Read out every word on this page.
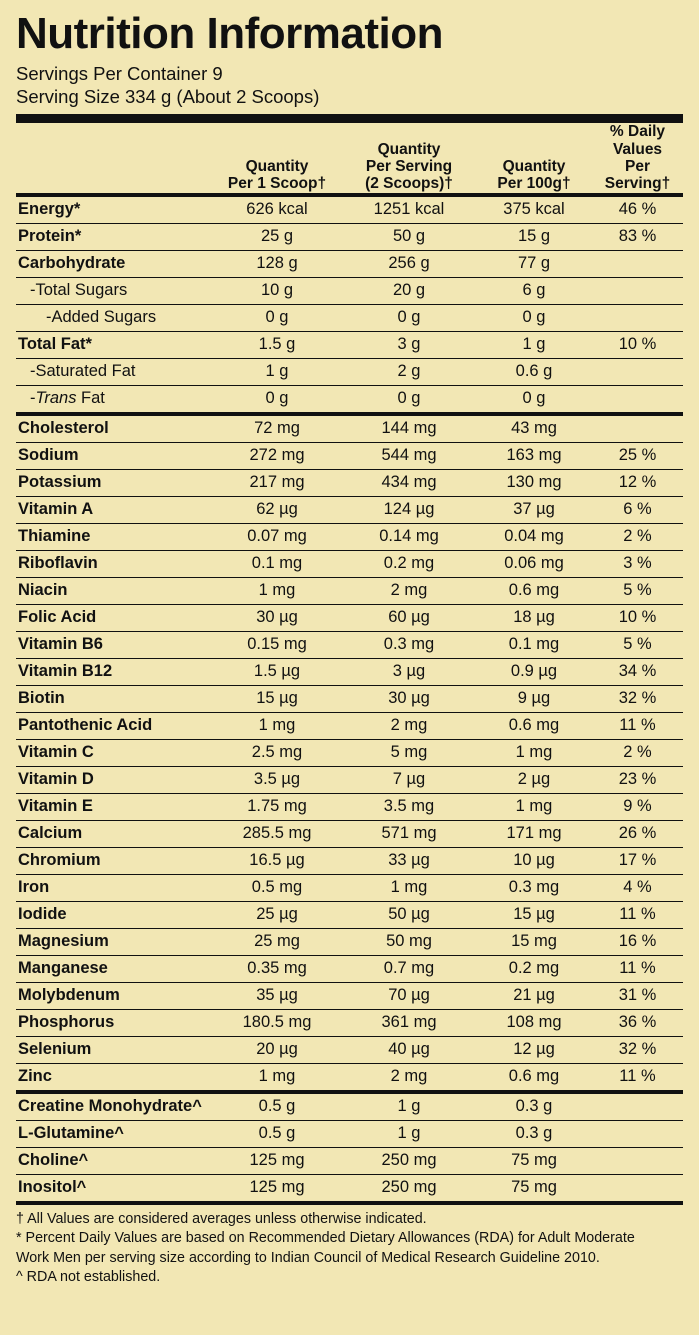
Nutrition Information
Servings Per Container 9
Serving Size 334 g (About 2 Scoops)

Quantity
Per 1 Scoop†

Quantity
Per Serving
(2 Scoops)†

Quantity
Per 100g†

% Daily
Values
Per Serving†

Energy*	626 kcal	1251 kcal	375 kcal	46 %
Protein*	25 g	50 g	15 g	83 %
Carbohydrate	128 g	256 g	77 g	
-Total Sugars	10 g	20 g	6 g	
-Added Sugars	0 g	0 g	0 g	
Total Fat*	1.5 g	3 g	1 g	10 %
-Saturated Fat	1 g	2 g	0.6 g	
-Trans Fat	0 g	0 g	0 g	
Cholesterol	72 mg	144 mg	43 mg	
Sodium	272 mg	544 mg	163 mg	25 %
Potassium	217 mg	434 mg	130 mg	12 %
Vitamin A	62 µg	124 µg	37 µg	6 %
Thiamine	0.07 mg	0.14 mg	0.04 mg	2 %
Riboflavin	0.1 mg	0.2 mg	0.06 mg	3 %
Niacin	1 mg	2 mg	0.6 mg	5 %
Folic Acid	30 µg	60 µg	18 µg	10 %
Vitamin B6	0.15 mg	0.3 mg	0.1 mg	5 %
Vitamin B12	1.5 µg	3 µg	0.9 µg	34 %
Biotin	15 µg	30 µg	9 µg	32 %
Pantothenic Acid	1 mg	2 mg	0.6 mg	11 %
Vitamin C	2.5 mg	5 mg	1 mg	2 %
Vitamin D	3.5 µg	7 µg	2 µg	23 %
Vitamin E	1.75 mg	3.5 mg	1 mg	9 %
Calcium	285.5 mg	571 mg	171 mg	26 %
Chromium	16.5 µg	33 µg	10 µg	17 %
Iron	0.5 mg	1 mg	0.3 mg	4 %
Iodide	25 µg	50 µg	15 µg	11 %
Magnesium	25 mg	50 mg	15 mg	16 %
Manganese	0.35 mg	0.7 mg	0.2 mg	11 %
Molybdenum	35 µg	70 µg	21 µg	31 %
Phosphorus	180.5 mg	361 mg	108 mg	36 %
Selenium	20 µg	40 µg	12 µg	32 %
Zinc	1 mg	2 mg	0.6 mg	11 %
Creatine Monohydrate^	0.5 g	1 g	0.3 g	
L-Glutamine^	0.5 g	1 g	0.3 g	
Choline^	125 mg	250 mg	75 mg	
Inositol^	125 mg	250 mg	75 mg	
† All Values are considered averages unless otherwise indicated.
* Percent Daily Values are based on Recommended Dietary Allowances (RDA) for Adult Moderate
Work Men per serving size according to Indian Council of Medical Research Guideline 2010.
^ RDA not established.
